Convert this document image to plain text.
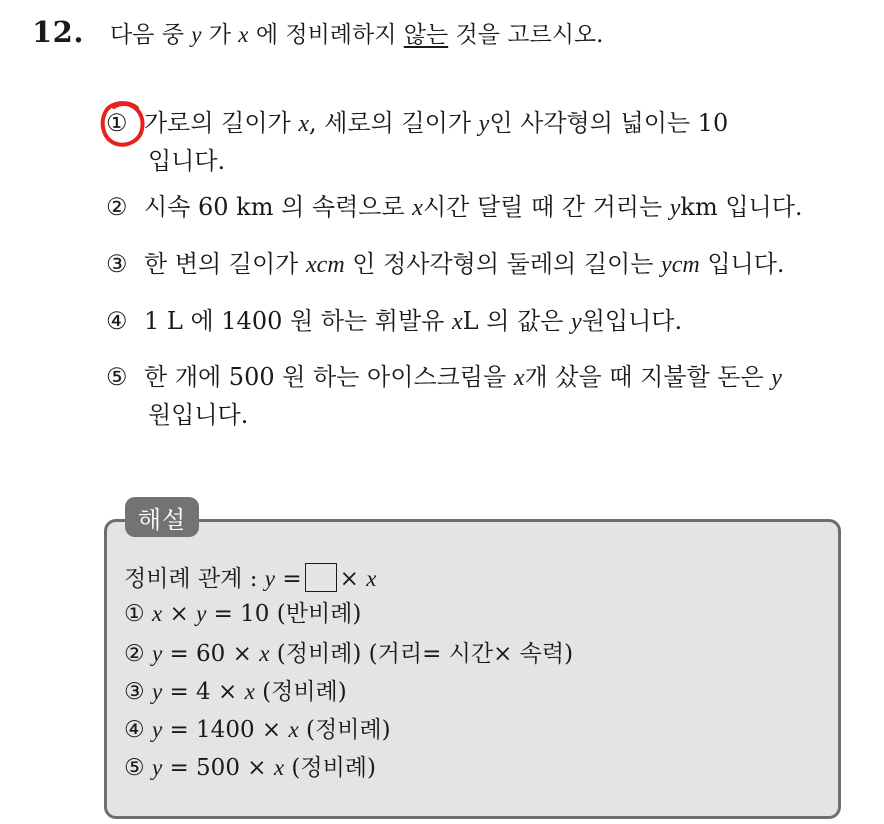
12. 다음 중 y 가 x 에 정비례하지 않는 것을 고르시오.
① 가로의 길이가 x, 세로의 길이가 y인 사각형의 넓이는 10
입니다.
② 시속 60 km 의 속력으로 x시간 달릴 때 간 거리는 ykm 입니다.
③ 한 변의 길이가 xcm 인 정사각형의 둘레의 길이는 ycm 입니다.
④ 1 L 에 1400 원 하는 휘발유 xL 의 값은 y원입니다.
⑤ 한 개에 500 원 하는 아이스크림을 x개 샀을 때 지불할 돈은 y
원입니다.
해설
정비례 관계 : y = × x
① x × y = 10 (반비례)
② y = 60 × x (정비례) (거리= 시간× 속력)
③ y = 4 × x (정비례)
④ y = 1400 × x (정비례)
⑤ y = 500 × x (정비례)
